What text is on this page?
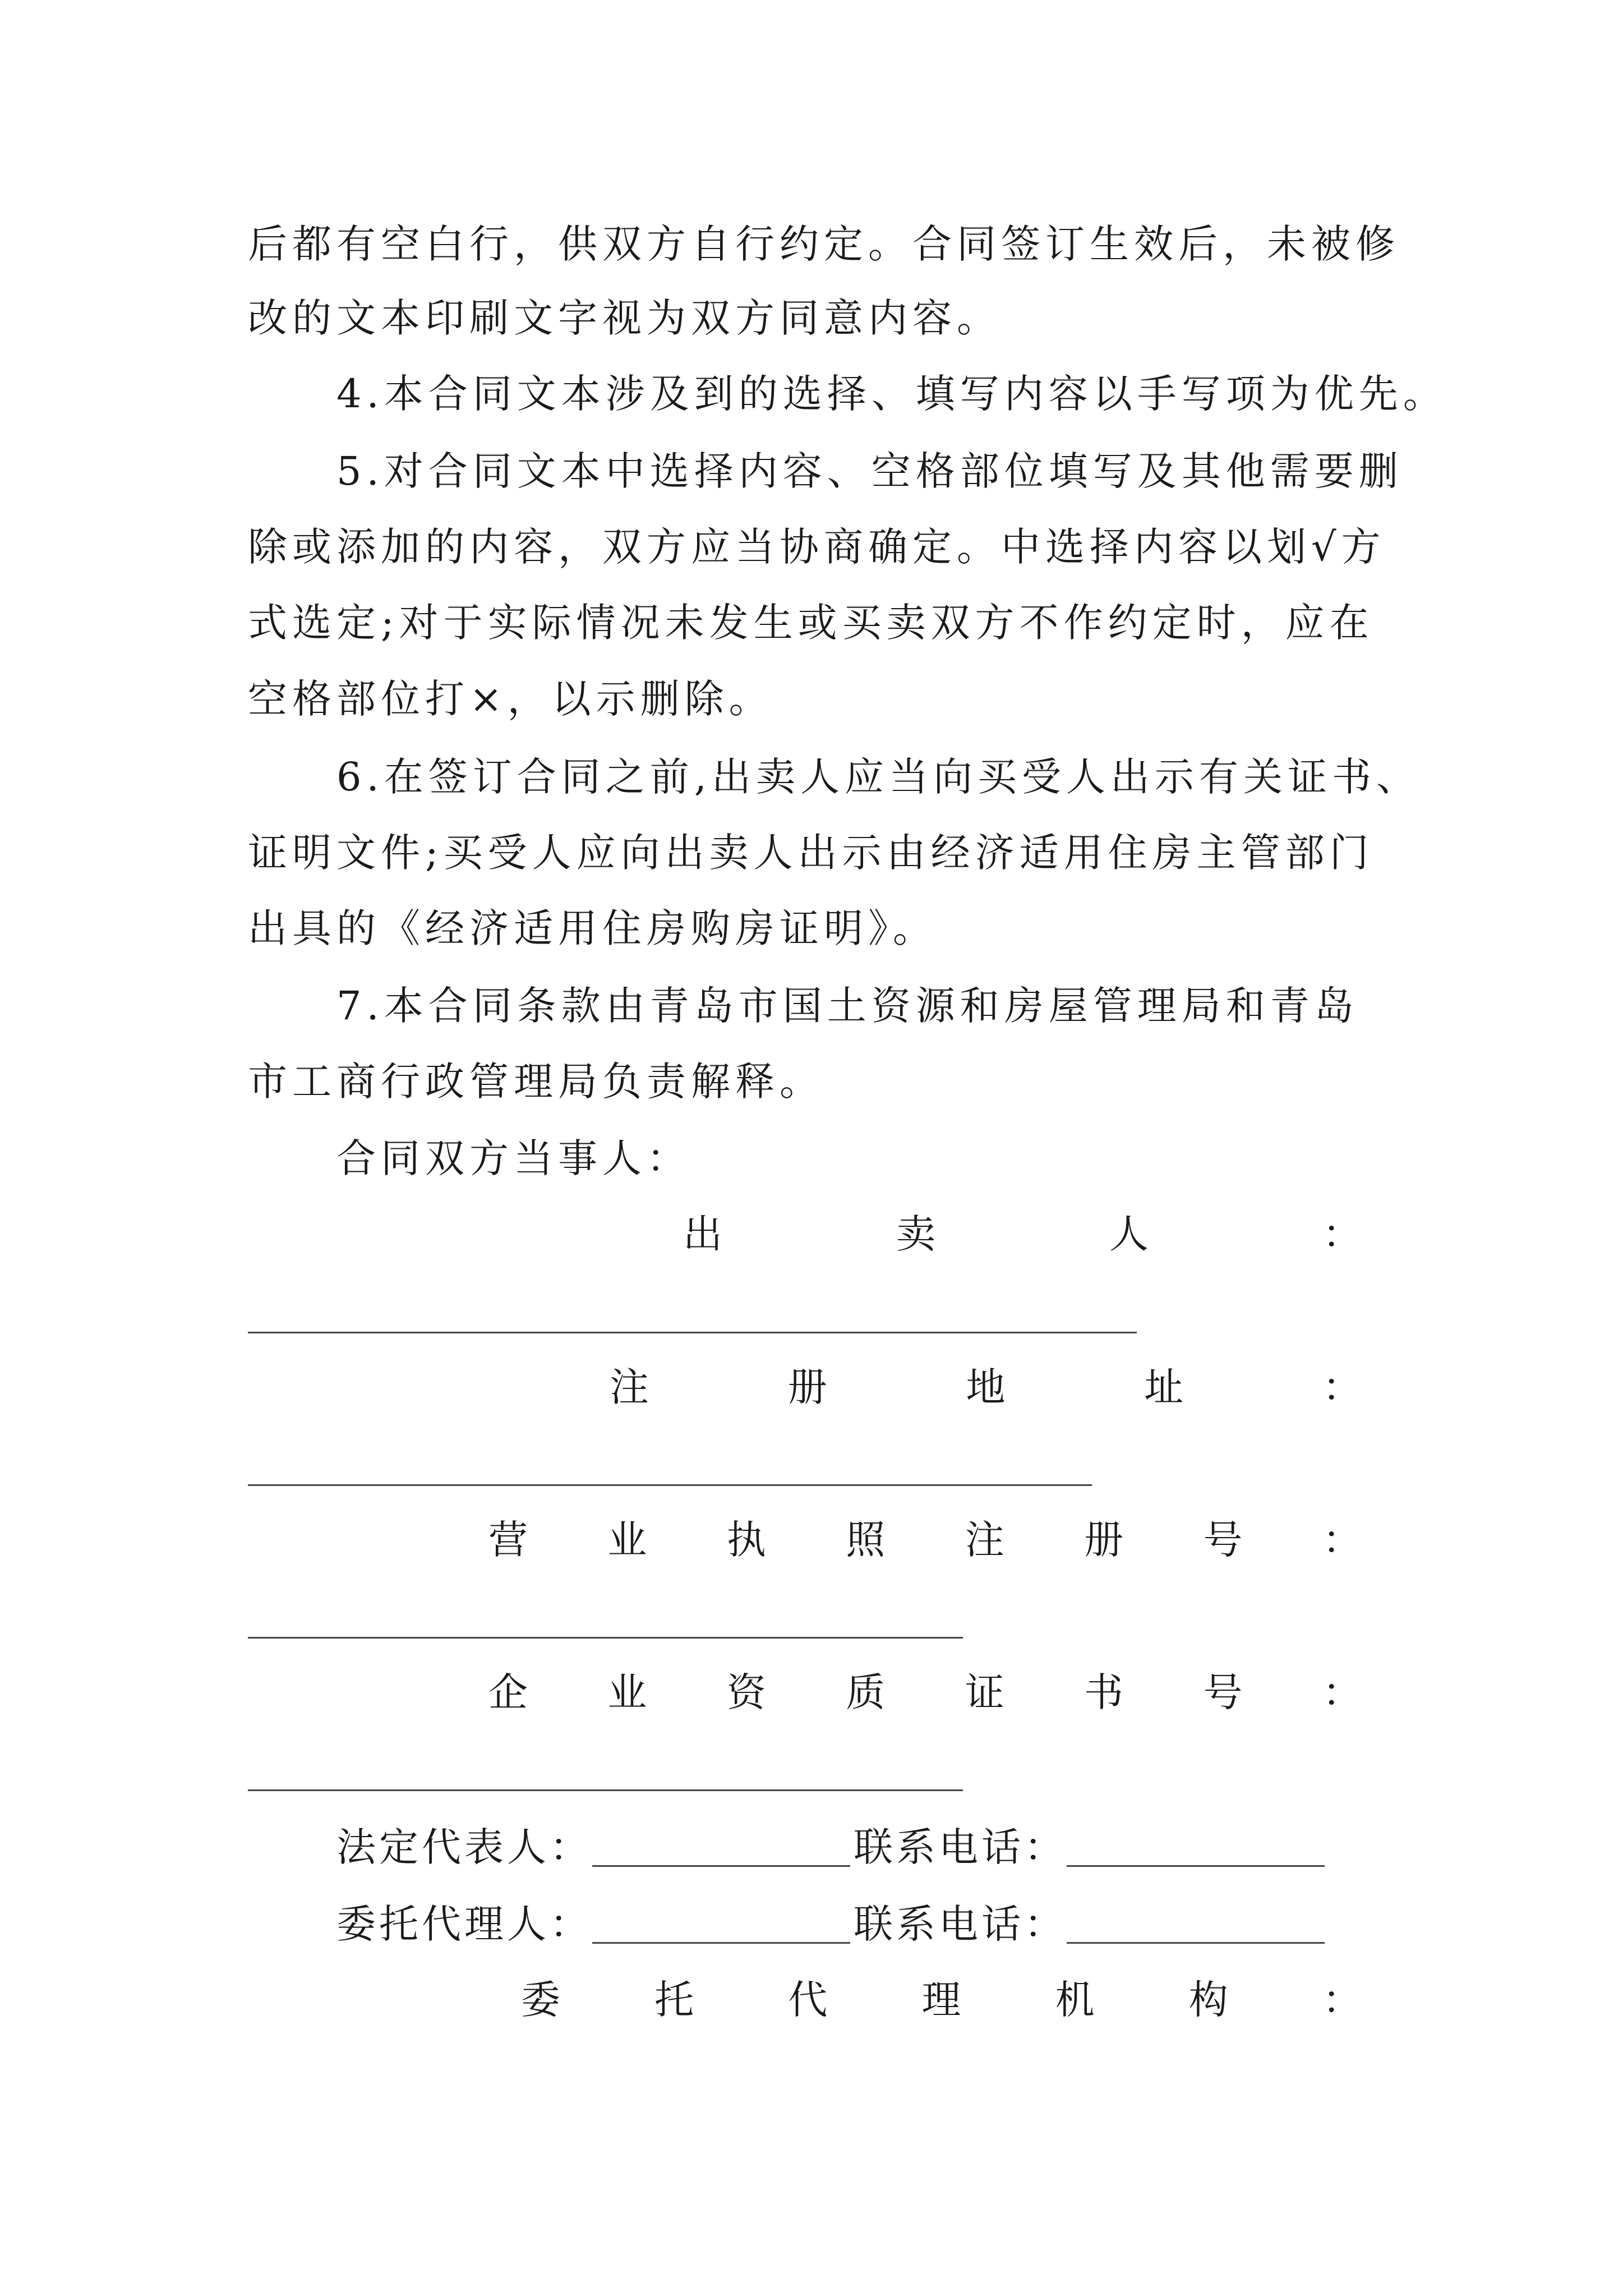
后都有空白行，供双方自行约定。合同签订生效后，未被修
改的文本印刷文字视为双方同意内容。
4.本合同文本涉及到的选择、填写内容以手写项为优先。
5.对合同文本中选择内容、空格部位填写及其他需要删
除或添加的内容，双方应当协商确定。中选择内容以划√方
式选定;对于实际情况未发生或买卖双方不作约定时，应在
空格部位打×，以示删除。
6.在签订合同之前,出卖人应当向买受人出示有关证书、
证明文件;买受人应向出卖人出示由经济适用住房主管部门
出具的《经济适用住房购房证明》。
7.本合同条款由青岛市国土资源和房屋管理局和青岛
市工商行政管理局负责解释。
合同双方当事人：
出	卖	人	：
注	册	地	址	：
营 业 执 照 注 册 号 ：
企 业 资 质 证 书 号 ：
法定代表人：	联系电话：
委托代理人：	联系电话：
委 托 代 理 机 构 ：
